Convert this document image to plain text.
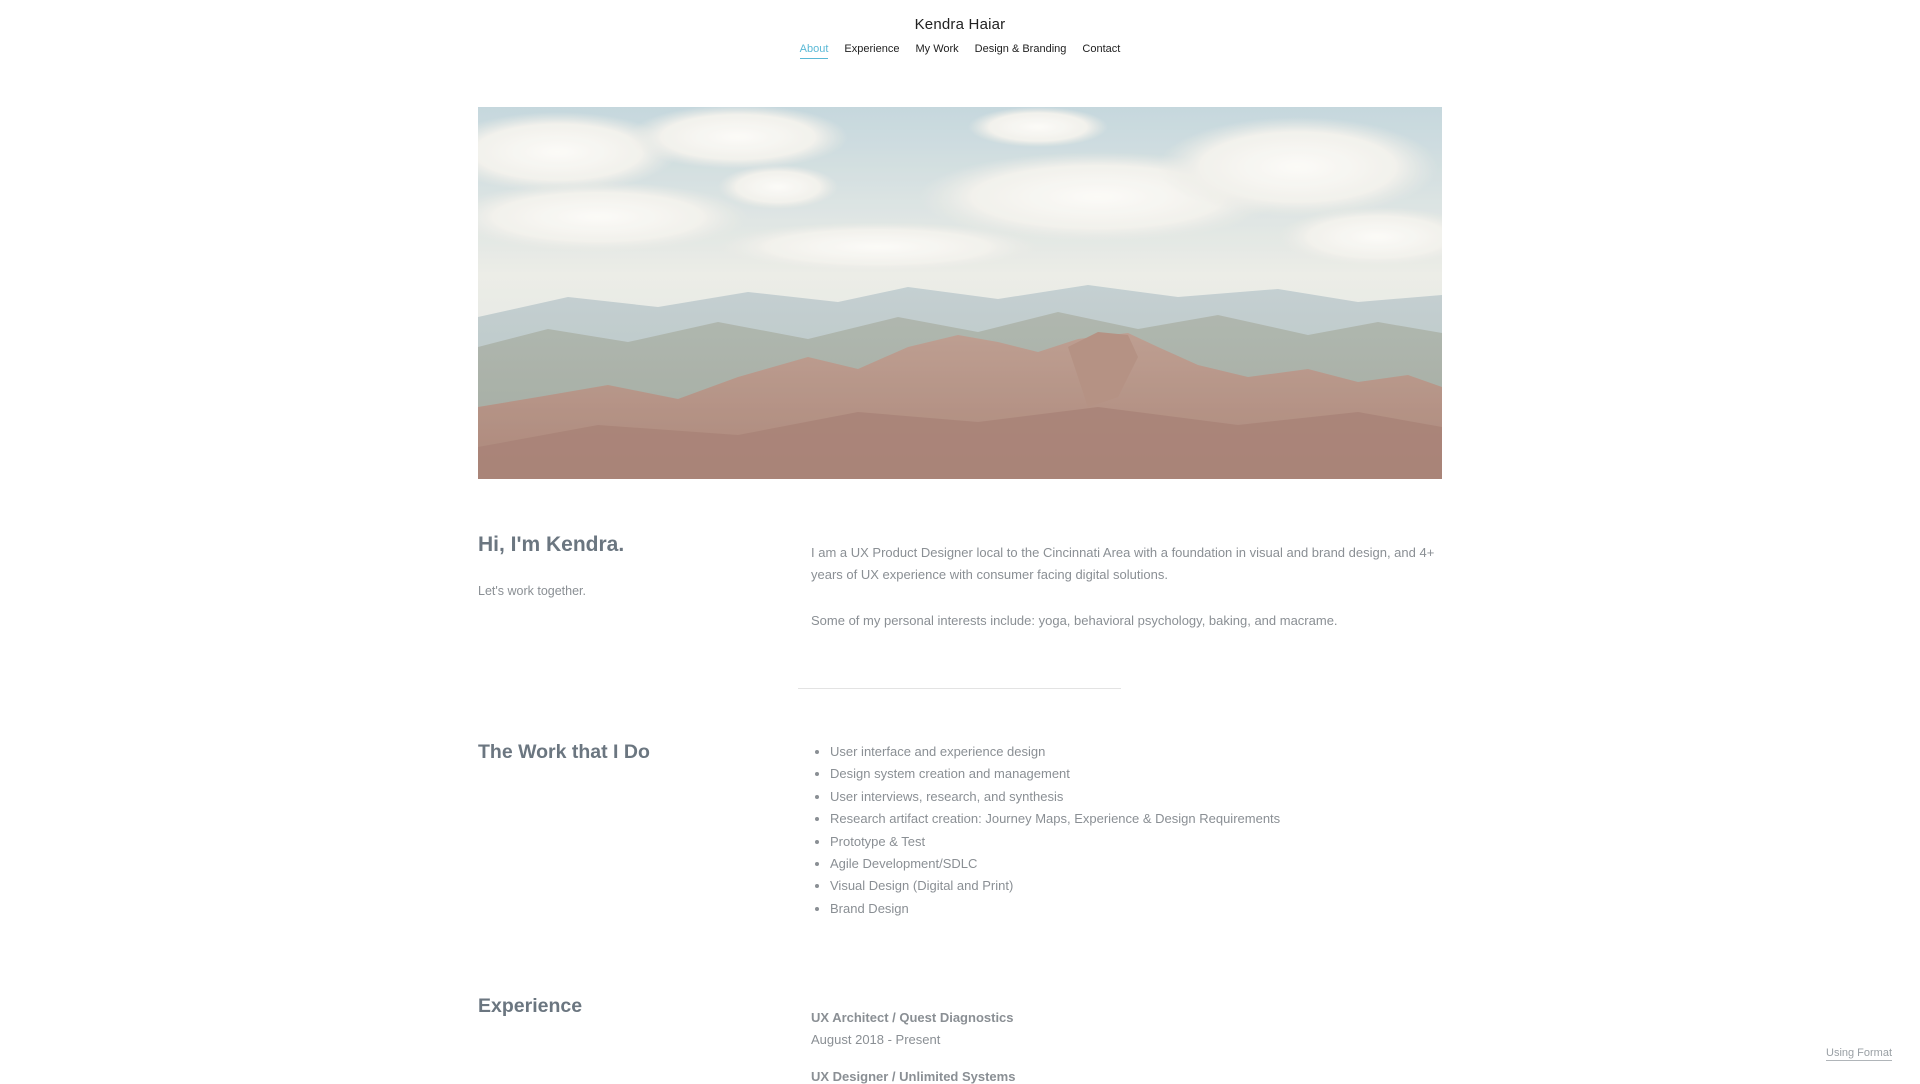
Kendra Haiar
About Experience My Work Design & Branding Contact
Hi, I'm Kendra.
Let's work together.

I am a UX Product Designer local to the Cincinnati Area with a foundation in visual and brand design, and 4+ years of UX experience with consumer facing digital solutions.

Some of my personal interests include: yoga, behavioral psychology, baking, and macrame.

The Work that I Do
•	User interface and experience design
• Design system creation and management
• User interviews, research, and synthesis
• Research artifact creation: Journey Maps, Experience & Design Requirements
• Prototype & Test
• Agile Development/SDLC
• Visual Design (Digital and Print)
• Brand Design
Experience
UX Architect / Quest Diagnostics
August 2018 - Present
UX Designer / Unlimited Systems
Using Format
